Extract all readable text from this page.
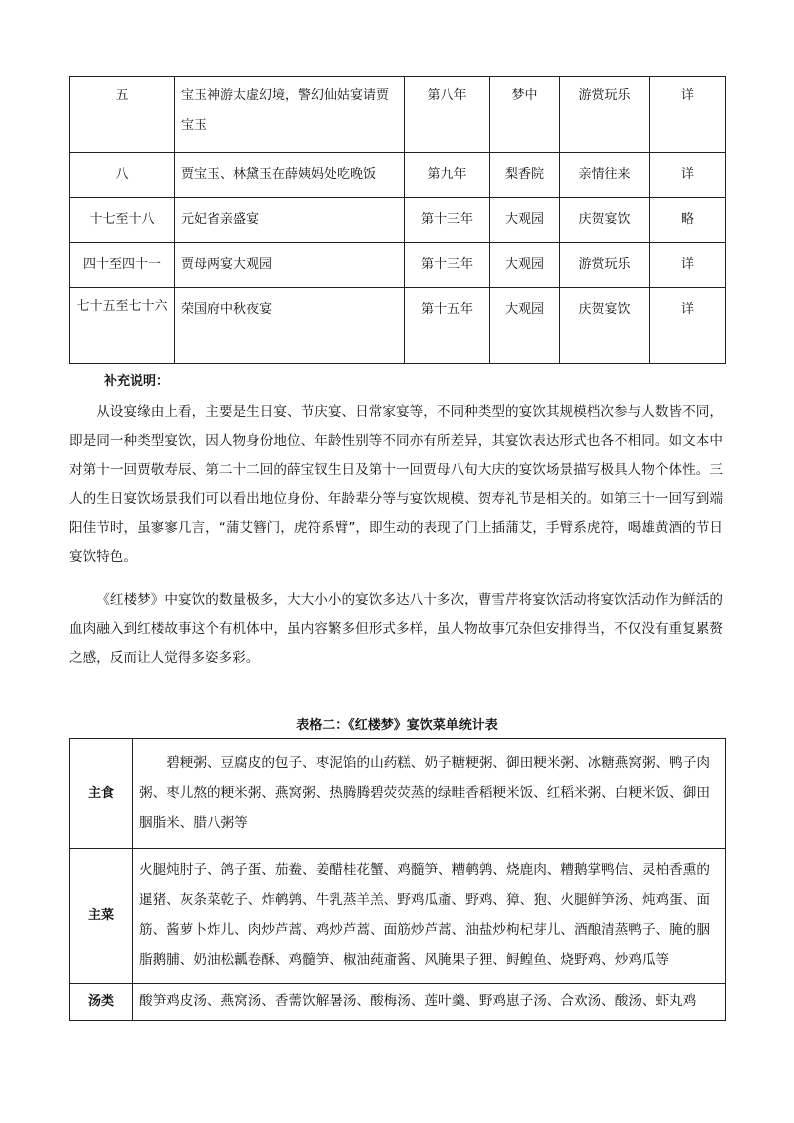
五	宝玉神游太虚幻境，警幻仙姑宴请贾宝玉	第八年	梦中	游赏玩乐	详
八	贾宝玉、林黛玉在薛姨妈处吃晚饭	第九年	梨香院	亲情往来	详
十七至十八	元妃省亲盛宴	第十三年	大观园	庆贺宴饮	略
四十至四十一	贾母两宴大观园	第十三年	大观园	游赏玩乐	详
七十五至七十六	荣国府中秋夜宴	第十五年	大观园	庆贺宴饮	详
补充说明：

从设宴缘由上看，主要是生日宴、节庆宴、日常家宴等，不同种类型的宴饮其规模档次参与人数皆不同，即是同一种类型宴饮，因人物身份地位、年龄性别等不同亦有所差异，其宴饮表达形式也各不相同。如文本中对第十一回贾敬寿辰、第二十二回的薛宝钗生日及第十一回贾母八旬大庆的宴饮场景描写极具人物个体性。三人的生日宴饮场景我们可以看出地位身份、年龄辈分等与宴饮规模、贺寿礼节是相关的。如第三十一回写到端阳佳节时，虽寥寥几言，“蒲艾簪门，虎符系臂”，即生动的表现了门上插蒲艾，手臂系虎符，喝雄黄酒的节日宴饮特色。

《红楼梦》中宴饮的数量极多，大大小小的宴饮多达八十多次，曹雪芹将宴饮活动将宴饮活动作为鲜活的血肉融入到红楼故事这个有机体中，虽内容繁多但形式多样，虽人物故事冗杂但安排得当，不仅没有重复累赘之感，反而让人觉得多姿多彩。

表格二：《红楼梦》宴饮菜单统计表
主食	碧粳粥、豆腐皮的包子、枣泥馅的山药糕、奶子糖粳粥、御田粳米粥、冰糖燕窝粥、鸭子肉粥、枣儿熬的粳米粥、燕窝粥、热腾腾碧荧荧蒸的绿畦香稻粳米饭、红稻米粥、白粳米饭、御田胭脂米、腊八粥等
主菜	火腿炖肘子、鸽子蛋、茄鲞、姜醋桂花蟹、鸡髓笋、糟鹌鹑、烧鹿肉、糟鹅掌鸭信、灵柏香熏的暹猪、灰条菜乾子、炸鹌鹑、牛乳蒸羊羔、野鸡瓜齑、野鸡、獐、狍、火腿鲜笋汤、炖鸡蛋、面筋、酱萝卜炸儿、肉炒芦蒿、鸡炒芦蒿、面筋炒芦蒿、油盐炒枸杞芽儿、酒酿清蒸鸭子、腌的胭脂鹅脯、奶油松瓤卷酥、鸡髓笋、椒油莼齑酱、风腌果子狸、鲟鳇鱼、烧野鸡、炒鸡瓜等
汤类	酸笋鸡皮汤、燕窝汤、香薷饮解暑汤、酸梅汤、莲叶羹、野鸡崽子汤、合欢汤、酸汤、虾丸鸡
